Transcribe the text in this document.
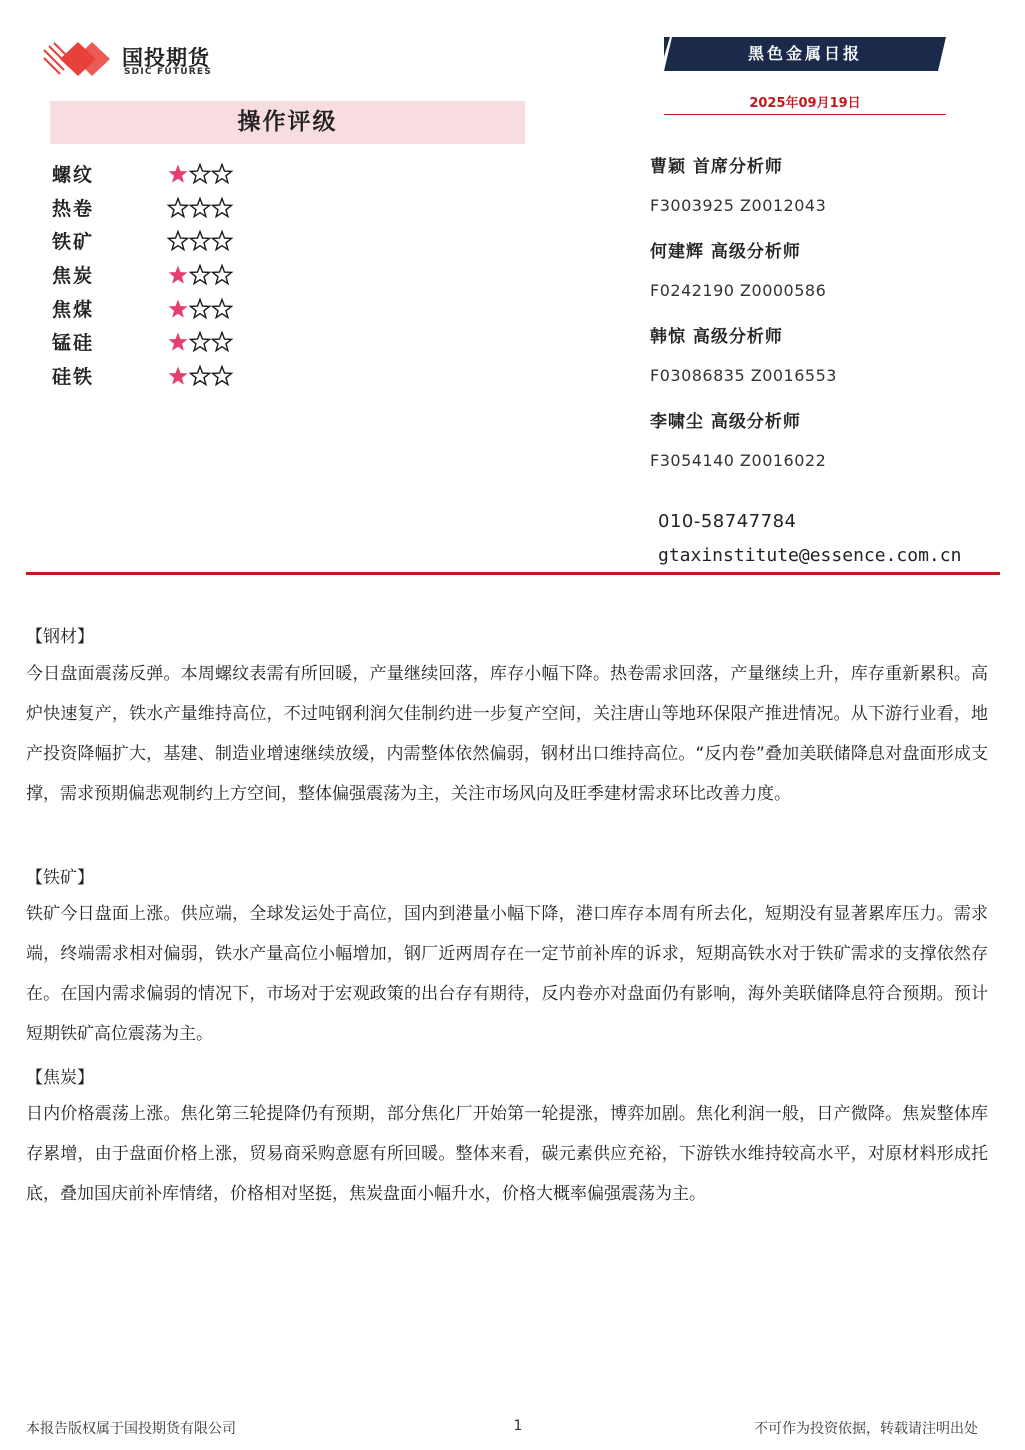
国投期货
SDIC FUTURES
黑色金属日报
2025年09月19日
操作评级
螺纹
热卷
铁矿
焦炭
焦煤
锰硅
硅铁
曹颖 首席分析师
F3003925 Z0012043
何建辉 高级分析师
F0242190 Z0000586
韩惊 高级分析师
F03086835 Z0016553
李啸尘 高级分析师
F3054140 Z0016022
010-58747784
gtaxinstitute@essence.com.cn
【钢材】
今日盘面震荡反弹。本周螺纹表需有所回暖，产量继续回落，库存小幅下降。热卷需求回落，产量继续上升，库存重新累积。高炉快速复产，铁水产量维持高位，不过吨钢利润欠佳制约进一步复产空间，关注唐山等地环保限产推进情况。从下游行业看，地产投资降幅扩大，基建、制造业增速继续放缓，内需整体依然偏弱，钢材出口维持高位。“反内卷”叠加美联储降息对盘面形成支撑，需求预期偏悲观制约上方空间，整体偏强震荡为主，关注市场风向及旺季建材需求环比改善力度。
【铁矿】
铁矿今日盘面上涨。供应端，全球发运处于高位，国内到港量小幅下降，港口库存本周有所去化，短期没有显著累库压力。需求端，终端需求相对偏弱，铁水产量高位小幅增加，钢厂近两周存在一定节前补库的诉求，短期高铁水对于铁矿需求的支撑依然存在。在国内需求偏弱的情况下，市场对于宏观政策的出台存有期待，反内卷亦对盘面仍有影响，海外美联储降息符合预期。预计短期铁矿高位震荡为主。
【焦炭】
日内价格震荡上涨。焦化第三轮提降仍有预期，部分焦化厂开始第一轮提涨，博弈加剧。焦化利润一般，日产微降。焦炭整体库存累增，由于盘面价格上涨，贸易商采购意愿有所回暖。整体来看，碳元素供应充裕，下游铁水维持较高水平，对原材料形成托底，叠加国庆前补库情绪，价格相对坚挺，焦炭盘面小幅升水，价格大概率偏强震荡为主。
本报告版权属于国投期货有限公司	1	不可作为投资依据，转载请注明出处
